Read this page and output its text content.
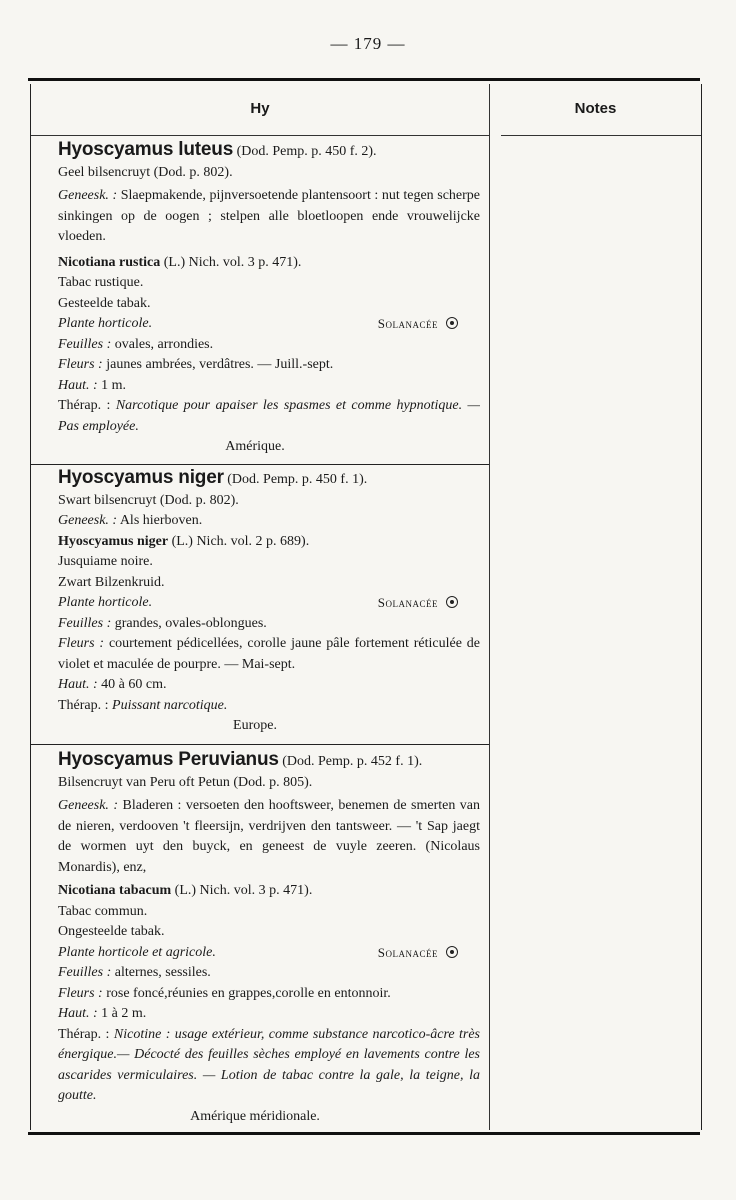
— 179 —
Hy	Notes
Hyoscyamus luteus (Dod. Pemp. p. 450 f. 2).
Geel bilsencruyt (Dod. p. 802).
Geneesk. : Slaepmakende, pijnversoetende plantensoort : nut tegen scherpe sinkingen op de oogen ; stelpen alle bloetloopen ende vrouwelijcke vloeden.
Nicotiana rustica (L.) Nich. vol. 3 p. 471).
Tabac rustique.
Gesteelde tabak.
Plante horticole.	Solanacée
Feuilles : ovales, arrondies.
Fleurs : jaunes ambrées, verdâtres. — Juill.-sept.
Haut. : 1 m.
Thérap. : Narcotique pour apaiser les spasmes et comme hypnotique. — Pas employée.
Amérique.
Hyoscyamus niger (Dod. Pemp. p. 450 f. 1).
Swart bilsencruyt (Dod. p. 802).
Geneesk. : Als hierboven.
Hyoscyamus niger (L.) Nich. vol. 2 p. 689).
Jusquiame noire.
Zwart Bilzenkruid.
Plante horticole.	Solanacée
Feuilles : grandes, ovales-oblongues.
Fleurs : courtement pédicellées, corolle jaune pâle fortement réticulée de violet et maculée de pourpre. — Mai-sept.
Haut. : 40 à 60 cm.
Thérap. : Puissant narcotique.
Europe.
Hyoscyamus Peruvianus (Dod. Pemp. p. 452 f. 1).
Bilsencruyt van Peru oft Petun (Dod. p. 805).
Geneesk. : Bladeren : versoeten den hooftsweer, benemen de smerten van de nieren, verdooven 't fleersijn, verdrijven den tantsweer. — 't Sap jaegt de wormen uyt den buyck, en geneest de vuyle zeeren. (Nicolaus Monardis), enz,
Nicotiana tabacum (L.) Nich. vol. 3 p. 471).
Tabac commun.
Ongesteelde tabak.
Plante horticole et agricole.	Solanacée
Feuilles : alternes, sessiles.
Fleurs : rose foncé,réunies en grappes,corolle en entonnoir.
Haut. : 1 à 2 m.
Thérap. : Nicotine : usage extérieur, comme substance narcotico-âcre très énergique.— Décocté des feuilles sèches employé en lavements contre les ascarides vermiculaires. — Lotion de tabac contre la gale, la teigne, la goutte.
Amérique méridionale.
